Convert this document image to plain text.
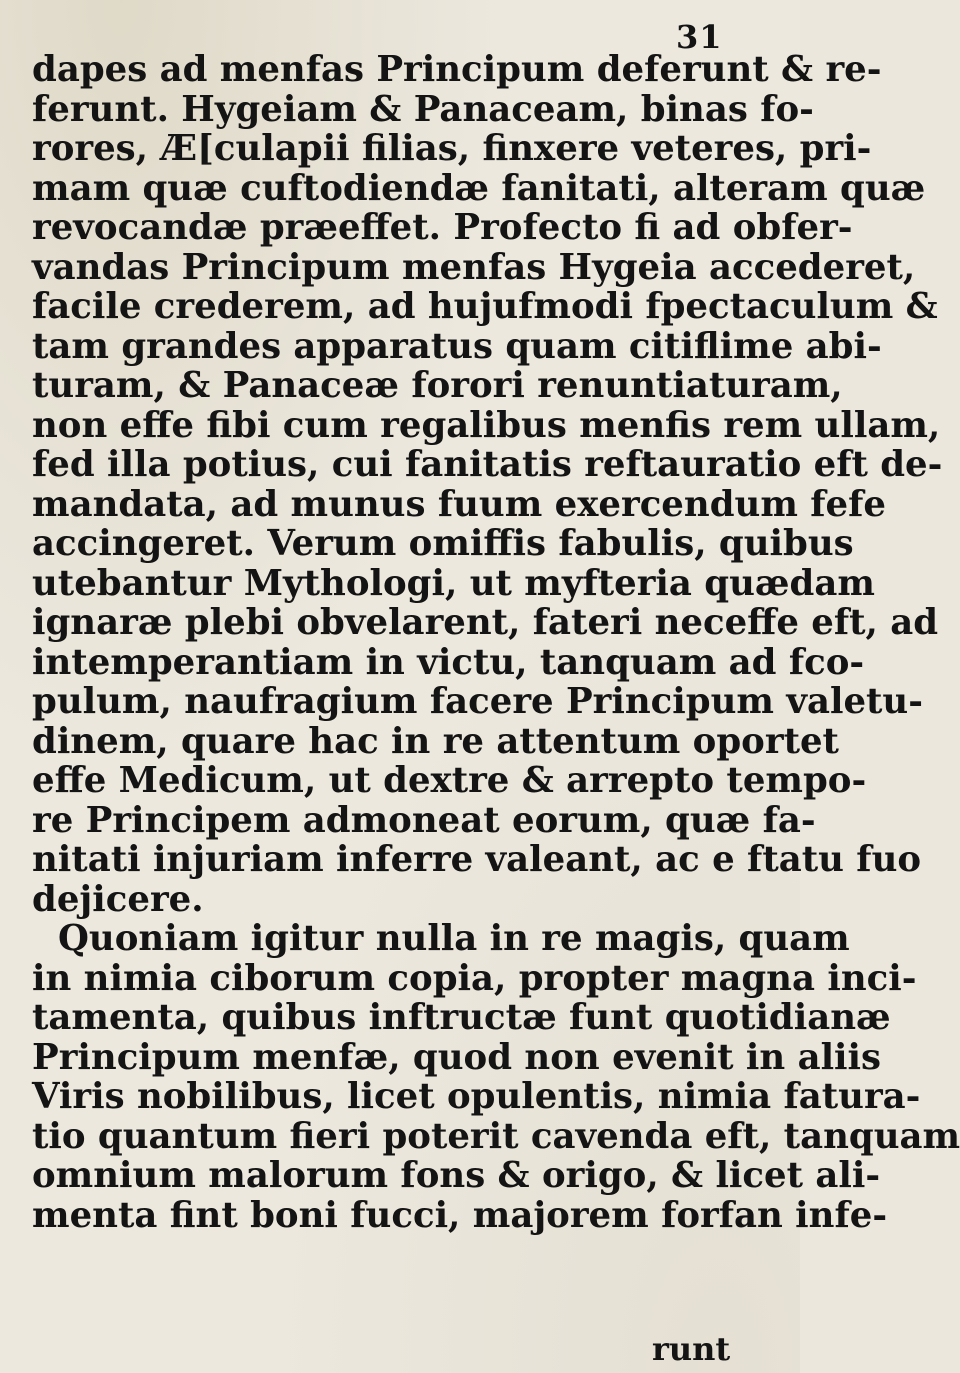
31
dapes ad menfas Principum deferunt & re-
ferunt. Hygeiam & Panaceam, binas fo-
rores, Æ[culapii filias, finxere veteres, pri-
mam quæ cuftodiendæ fanitati, alteram quæ
revocandæ præeffet. Profecto fi ad obfer-
vandas Principum menfas Hygeia accederet,
facile crederem, ad hujufmodi fpectaculum &
tam grandes apparatus quam citiflime abi-
turam, & Panaceæ forori renuntiaturam,
non effe fibi cum regalibus menfis rem ullam,
fed illa potius, cui fanitatis reftauratio eft de-
mandata, ad munus fuum exercendum fefe
accingeret. Verum omiffis fabulis, quibus
utebantur Mythologi, ut myfteria quædam
ignaræ plebi obvelarent, fateri neceffe eft, ad
intemperantiam in victu, tanquam ad fco-
pulum, naufragium facere Principum valetu-
dinem, quare hac in re attentum oportet
effe Medicum, ut dextre & arrepto tempo-
re Principem admoneat eorum, quæ fa-
nitati injuriam inferre valeant, ac e ftatu fuo
dejicere.
Quoniam igitur nulla in re magis, quam
in nimia ciborum copia, propter magna inci-
tamenta, quibus inftructæ funt quotidianæ
Principum menfæ, quod non evenit in aliis
Viris nobilibus, licet opulentis, nimia fatura-
tio quantum fieri poterit cavenda eft, tanquam
omnium malorum fons & origo, & licet ali-
menta fint boni fucci, majorem forfan infe-
runt
